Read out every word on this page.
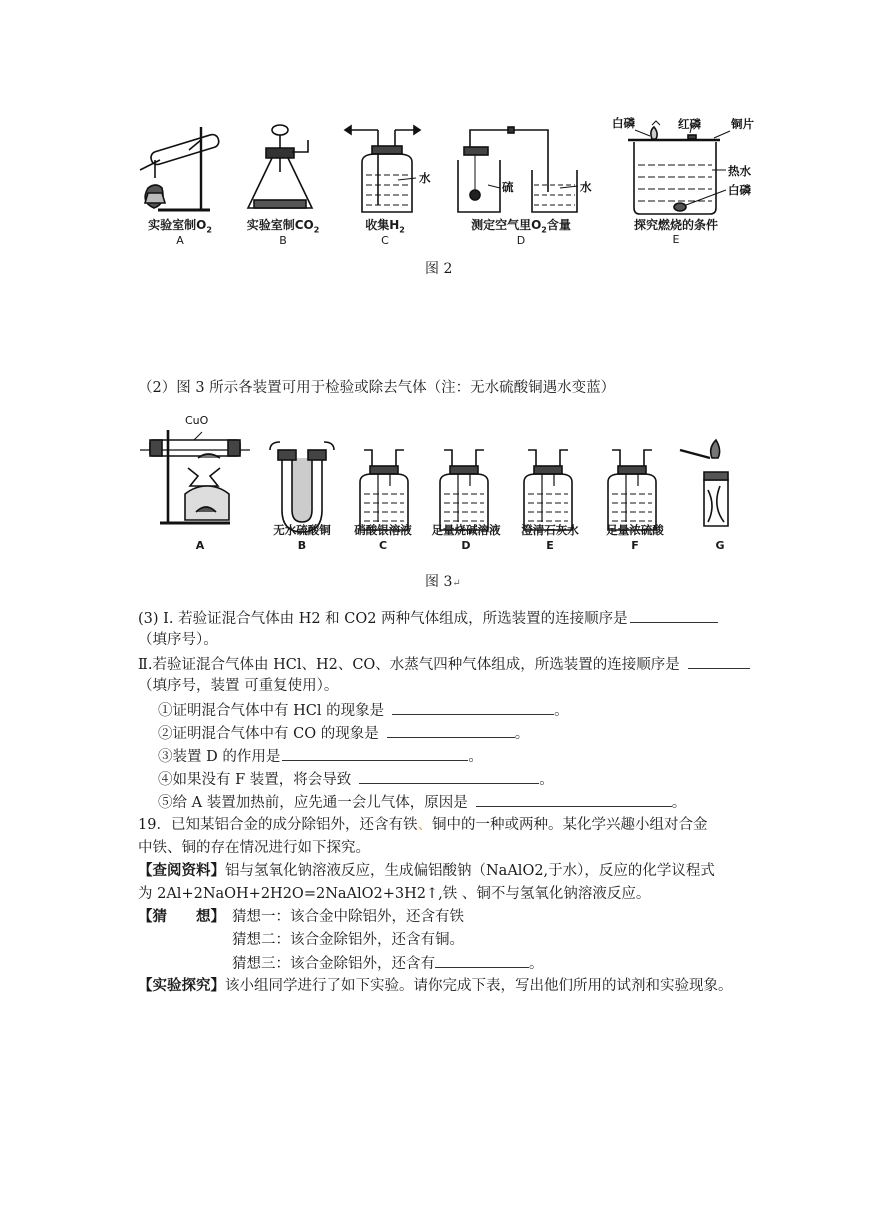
水
硫	水
白磷	红磷	铜片
热水
白磷
实验室制$O_2$
A
实验室制$CO_2$
B
收集$H_2$
C
测定空气里$O_2$含量
D
探究燃烧的条件
E
图 2
（2）图 3 所示各装置可用于检验或除去气体（注：无水硫酸铜遇水变蓝）
CuO
A
无水硫酸铜
B
硝酸银溶液
C
足量烧碱溶液
D
澄清石灰水
E
足量浓硫酸
F	G
图 3↵
(3) Ⅰ. 若验证混合气体由 H2 和 CO2 两种气体组成，所选装置的连接顺序是
（填序号）。
Ⅱ.若验证混合气体由 HCl、H2、CO、水蒸气四种气体组成，所选装置的连接顺序是
（填序号，装置 可重复使用）。
①证明混合气体中有 HCl 的现象是	。
②证明混合气体中有 CO 的现象是	。
③装置 D 的作用是	。
④如果没有 F 装置，将会导致	。
⑤给 A 装置加热前，应先通一会儿气体，原因是	。
19．已知某铝合金的成分除铝外，还含有铁、铜中的一种或两种。某化学兴趣小组对合金
中铁、铜的存在情况进行如下探究。
【查阅资料】铝与氢氧化钠溶液反应，生成偏铝酸钠（NaAlO2,于水），反应的化学议程式
为 2Al+2NaOH+2H2O=2NaAlO2+3H2↑,铁 、铜不与氢氧化钠溶液反应。
【猜　　想】 猜想一：该合金中除铝外，还含有铁
猜想二：该合金除铝外，还含有铜。
猜想三：该合金除铝外，还含有	。
【实验探究】该小组同学进行了如下实验。请你完成下表，写出他们所用的试剂和实验现象。
